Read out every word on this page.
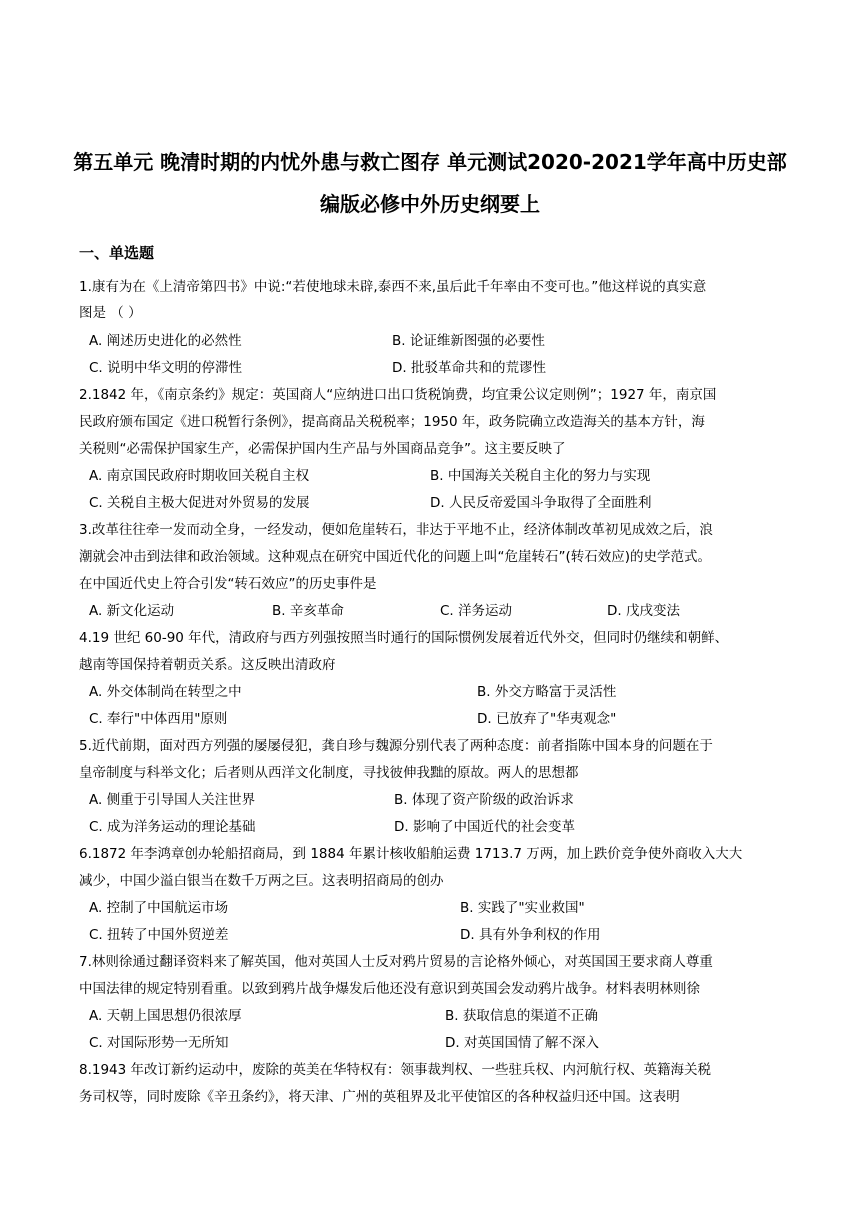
第五单元 晚清时期的内忧外患与救亡图存 单元测试2020-2021学年高中历史部
编版必修中外历史纲要上
一、单选题
1.康有为在《上清帝第四书》中说:“若使地球未辟,泰西不来,虽后此千年率由不变可也。”他这样说的真实意
图是 （ ）
A. 阐述历史进化的必然性	B. 论证维新图强的必要性
C. 说明中华文明的停滞性	D. 批驳革命共和的荒谬性
2.1842 年，《南京条约》规定：英国商人“应纳进口出口货税饷费，均宜秉公议定则例”；1927 年，南京国
民政府颁布国定《进口税暂行条例》，提高商品关税税率；1950 年，政务院确立改造海关的基本方针，海
关税则“必需保护国家生产，必需保护国内生产品与外国商品竞争”。这主要反映了
A. 南京国民政府时期收回关税自主权	B. 中国海关关税自主化的努力与实现
C. 关税自主极大促进对外贸易的发展	D. 人民反帝爱国斗争取得了全面胜利
3.改革往往牵一发而动全身，一经发动，便如危崖转石，非达于平地不止，经济体制改革初见成效之后，浪
潮就会冲击到法律和政治领域。这种观点在研究中国近代化的问题上叫“危崖转石”(转石效应)的史学范式。
在中国近代史上符合引发“转石效应”的历史事件是
A. 新文化运动	B. 辛亥革命	C. 洋务运动	D. 戊戌变法
4.19 世纪 60-90 年代，清政府与西方列强按照当时通行的国际惯例发展着近代外交，但同时仍继续和朝鲜、
越南等国保持着朝贡关系。这反映出清政府
A. 外交体制尚在转型之中	B. 外交方略富于灵活性
C. 奉行"中体西用"原则	D. 已放弃了"华夷观念"
5.近代前期，面对西方列强的屡屡侵犯，龚自珍与魏源分别代表了两种态度：前者指陈中国本身的问题在于
皇帝制度与科举文化；后者则从西洋文化制度，寻找彼伸我黜的原故。两人的思想都
A. 侧重于引导国人关注世界	B. 体现了资产阶级的政治诉求
C. 成为洋务运动的理论基础	D. 影响了中国近代的社会变革
6.1872 年李鸿章创办轮船招商局，到 1884 年累计核收船舶运费 1713.7 万两，加上跌价竞争使外商收入大大
减少，中国少溢白银当在数千万两之巨。这表明招商局的创办
A. 控制了中国航运市场	B. 实践了"实业救国"
C. 扭转了中国外贸逆差	D. 具有外争利权的作用
7.林则徐通过翻译资料来了解英国，他对英国人士反对鸦片贸易的言论格外倾心，对英国国王要求商人尊重
中国法律的规定特别看重。以致到鸦片战争爆发后他还没有意识到英国会发动鸦片战争。材料表明林则徐
A. 天朝上国思想仍很浓厚	B. 获取信息的渠道不正确
C. 对国际形势一无所知	D. 对英国国情了解不深入
8.1943 年改订新约运动中，废除的英美在华特权有：领事裁判权、一些驻兵权、内河航行权、英籍海关税
务司权等，同时废除《辛丑条约》，将天津、广州的英租界及北平使馆区的各种权益归还中国。这表明
